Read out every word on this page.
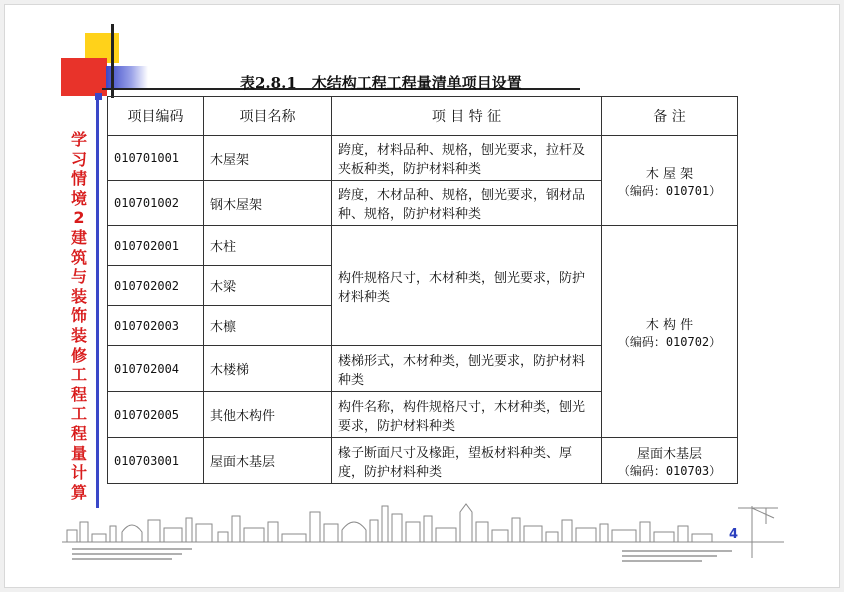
表2.8.1　木结构工程工程量清单项目设置
学习情境2 建筑与装饰装修工程工程量计算
项目编码	项目名称	项 目 特 征	备 注
010701001	木屋架	跨度，材料品种、规格，刨光要求，拉杆及夹板种类，防护材料种类	木 屋 架
（编码：010701）

010701002	钢木屋架	跨度，木材品种、规格，刨光要求，钢材品种、规格，防护材料种类	
010702001	木柱	构件规格尺寸，木材种类，刨光要求，防护材料种类	木 构 件
（编码：010702）

010702002	木梁		
010702003	木檩		
010702004	木楼梯	楼梯形式，木材种类，刨光要求，防护材料种类	
010702005	其他木构件	构件名称，构件规格尺寸，木材种类，刨光要求，防护材料种类	
010703001	屋面木基层	椽子断面尺寸及椽距，望板材料种类、厚度，防护材料种类	屋面木基层
（编码：010703）
4
